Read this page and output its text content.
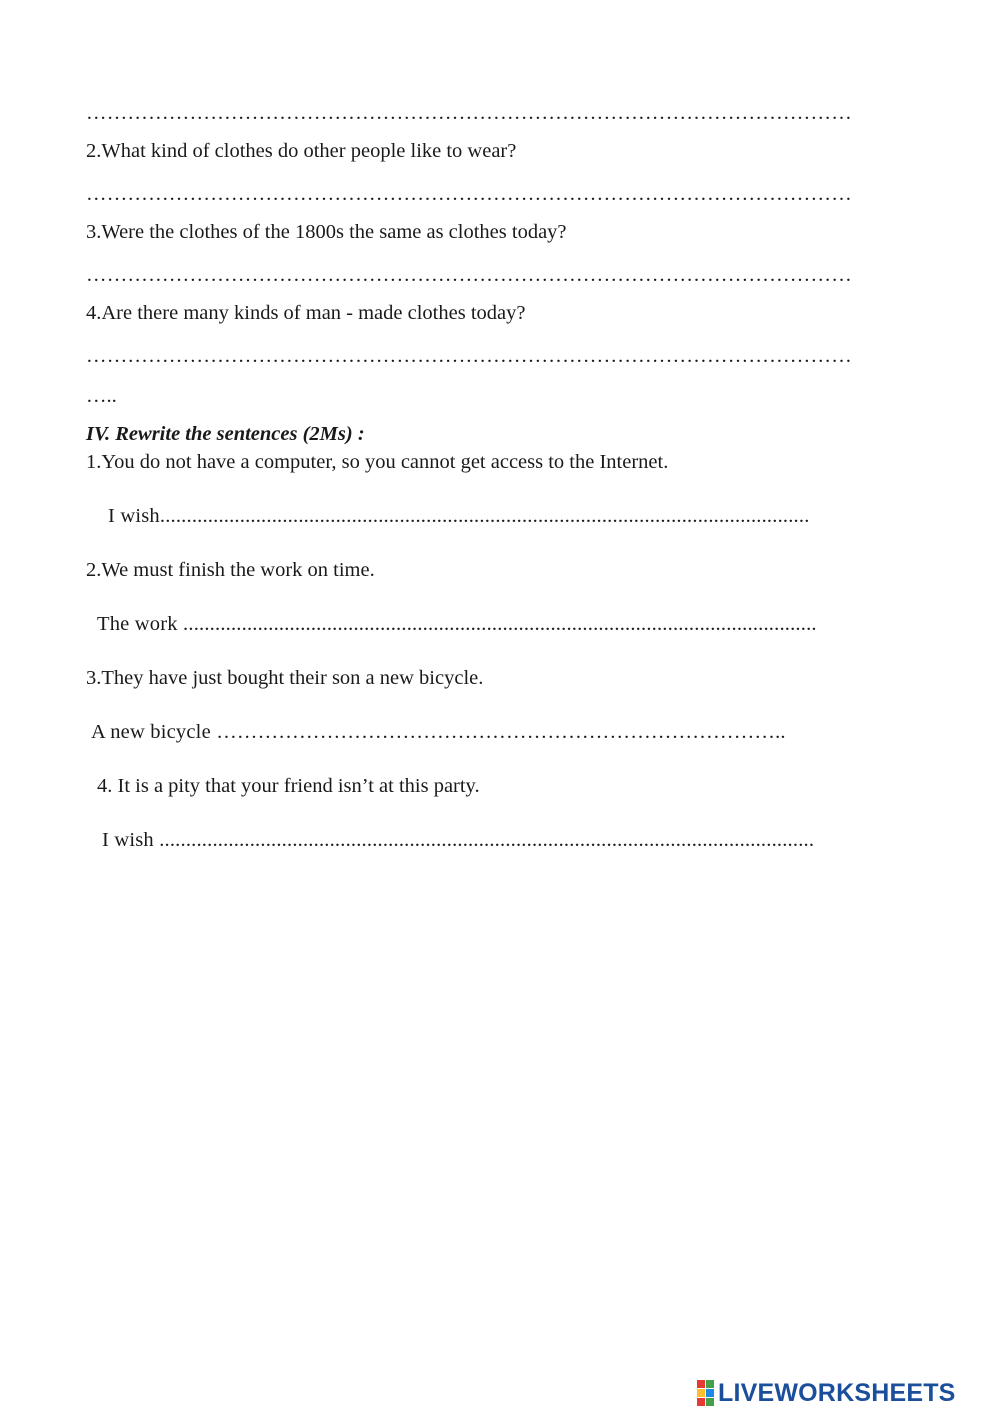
…………………………………………………………………………………………………
2.What kind of clothes do other people like to wear?
…………………………………………………………………………………………………
3.Were the clothes of the 1800s the same as clothes today?
…………………………………………………………………………………………………
4.Are there many kinds of man - made clothes today?
…………………………………………………………………………………………………
…..
IV. Rewrite the sentences (2Ms) :
1.You do not have a computer, so you cannot get access to the Internet.
I wish..........................................................................................................................
2.We must finish the work on time.
The work .......................................................................................................................
3.They have just bought their son a new bicycle.
A new bicycle ………………………………………………………………………..
4. It is a pity that your friend isn’t at this party.
I wish ...........................................................................................................................
LIVEWORKSHEETS
